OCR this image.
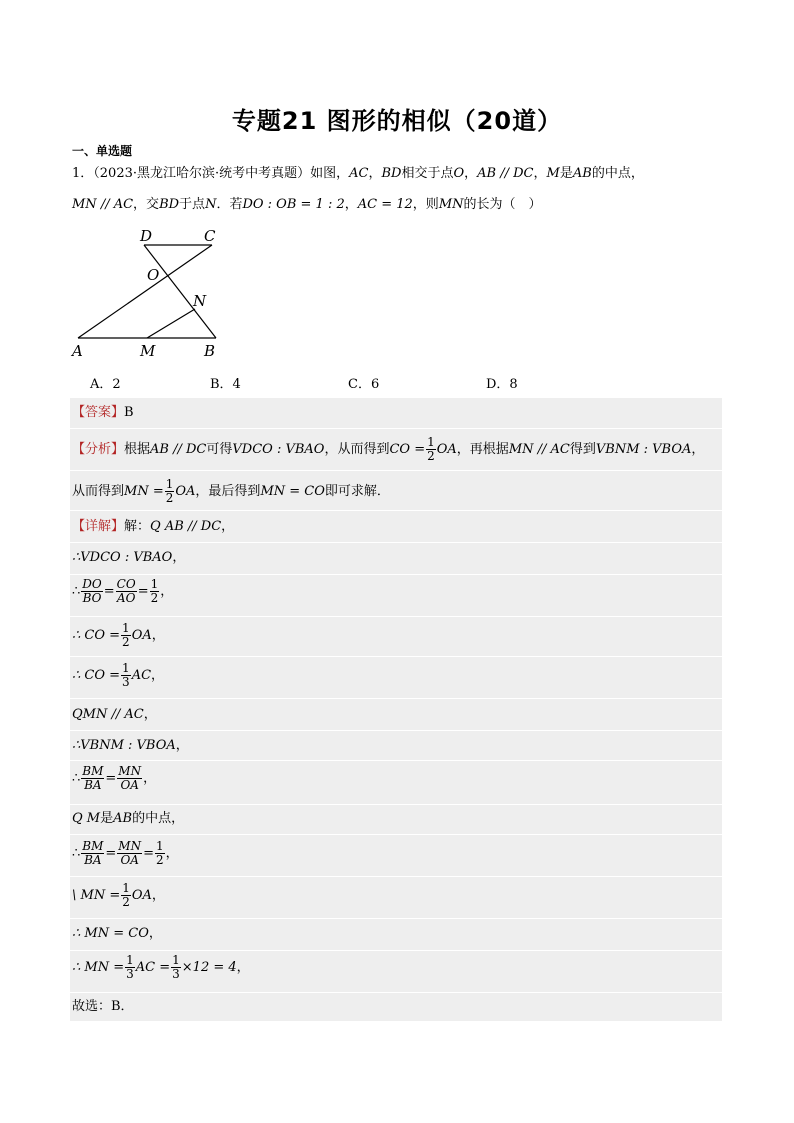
专题21 图形的相似（20道）
一、单选题
1．（2023·黑龙江哈尔滨·统考中考真题）如图，AC，BD相交于点O，AB // DC，M是AB的中点，
MN // AC，交BD于点N．若DO : OB = 1 : 2，AC = 12，则MN的长为（　）
D	C
O
N
A	M	B
A．2	B．4	C．6	D．8
【答案】B
【分析】根据AB // DC可得VDCO : VBAO，从而得到CO = $\frac{1}{2}$ OA，再根据MN // AC得到VBNM : VBOA，
从而得到MN = $\frac{1}{2}$ OA，最后得到MN = CO即可求解．
【详解】解：Q AB // DC，
∴VDCO : VBAO，
∴ $\frac{DO}{BO} = \frac{CO}{AO} = \frac{1}{2}$ ，
∴ CO = $\frac{1}{2}$ OA，
∴ CO = $\frac{1}{3}$ AC，
QMN // AC，
∴VBNM : VBOA，
∴ $\frac{BM}{BA} = \frac{MN}{OA}$ ，
Q M是AB的中点，
∴ $\frac{BM}{BA} = \frac{MN}{OA} = \frac{1}{2}$ ，
\ MN = $\frac{1}{2}$ OA，
∴ MN = CO，
∴ MN = $\frac{1}{3}$ AC = $\frac{1}{3} \times 12 = 4$，
故选：B．
